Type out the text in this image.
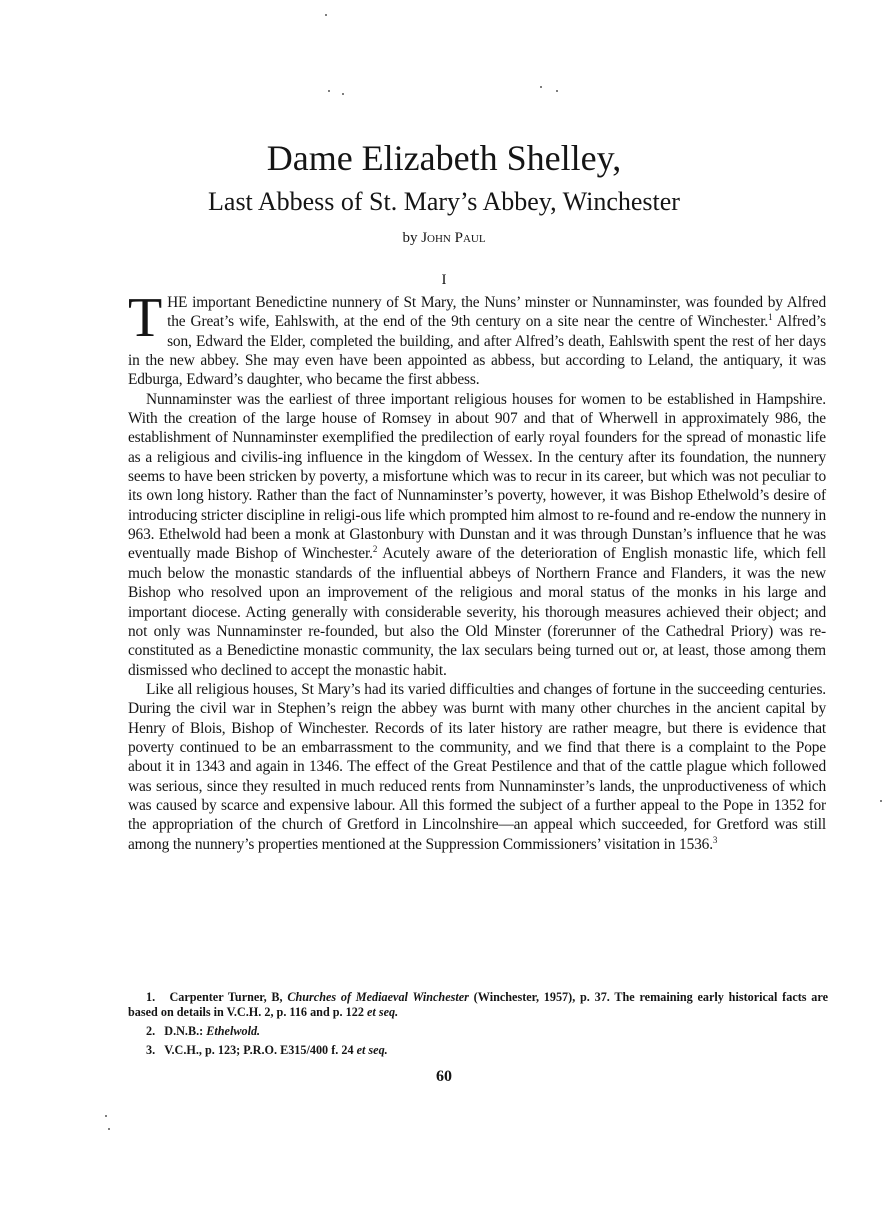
Dame Elizabeth Shelley,
Last Abbess of St. Mary’s Abbey, Winchester
by John Paul
I

THE important Benedictine nunnery of St Mary, the Nuns’ minster or Nunnaminster, was founded by Alfred the Great’s wife, Eahlswith, at the end of the 9th century on a site near the centre of Winchester.$^1$ Alfred’s son, Edward the Elder, completed the building, and after Alfred’s death, Eahlswith spent the rest of her days in the new abbey. She may even have been appointed as abbess, but according to Leland, the antiquary, it was Edburga, Edward’s daughter, who became the first abbess.

Nunnaminster was the earliest of three important religious houses for women to be established in Hampshire. With the creation of the large house of Romsey in about 907 and that of Wherwell in approximately 986, the establishment of Nunnaminster exemplified the predilection of early royal founders for the spread of monastic life as a religious and civilis-ing influence in the kingdom of Wessex. In the century after its foundation, the nunnery seems to have been stricken by poverty, a misfortune which was to recur in its career, but which was not peculiar to its own long history. Rather than the fact of Nunnaminster’s poverty, however, it was Bishop Ethelwold’s desire of introducing stricter discipline in religi-ous life which prompted him almost to re-found and re-endow the nunnery in 963. Ethelwold had been a monk at Glastonbury with Dunstan and it was through Dunstan’s influence that he was eventually made Bishop of Winchester.$^2$ Acutely aware of the deterioration of English monastic life, which fell much below the monastic standards of the influential abbeys of Northern France and Flanders, it was the new Bishop who resolved upon an improvement of the religious and moral status of the monks in his large and important diocese. Acting generally with considerable severity, his thorough measures achieved their object; and not only was Nunnaminster re-founded, but also the Old Minster (forerunner of the Cathedral Priory) was re-constituted as a Benedictine monastic community, the lax seculars being turned out or, at least, those among them dismissed who declined to accept the monastic habit.

Like all religious houses, St Mary’s had its varied difficulties and changes of fortune in the succeeding centuries. During the civil war in Stephen’s reign the abbey was burnt with many other churches in the ancient capital by Henry of Blois, Bishop of Winchester. Records of its later history are rather meagre, but there is evidence that poverty continued to be an embarrassment to the community, and we find that there is a complaint to the Pope about it in 1343 and again in 1346. The effect of the Great Pestilence and that of the cattle plague which followed was serious, since they resulted in much reduced rents from Nunnaminster’s lands, the unproductiveness of which was caused by scarce and expensive labour. All this formed the subject of a further appeal to the Pope in 1352 for the appropriation of the church of Gretford in Lincolnshire—an appeal which succeeded, for Gretford was still among the nunnery’s properties mentioned at the Suppression Commissioners’ visitation in 1536.$^3$

1. Carpenter Turner, B, Churches of Mediaeval Winchester (Winchester, 1957), p. 37. The remaining early historical facts are based on details in V.C.H. 2, p. 116 and p. 122 et seq.

2. D.N.B.: Ethelwold.

3. V.C.H., p. 123; P.R.O. E315/400 f. 24 et seq.

60
